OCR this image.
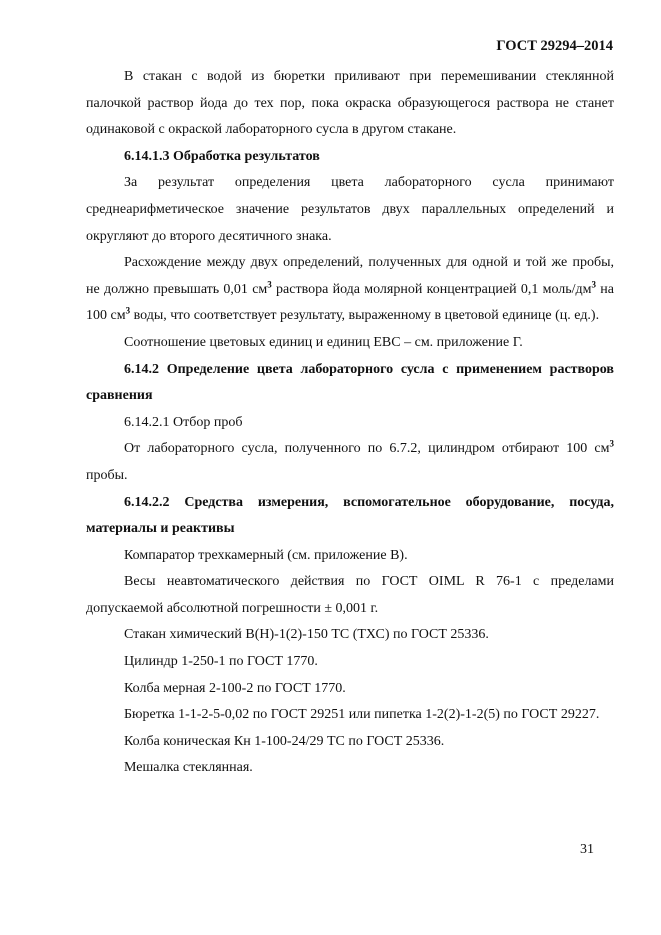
ГОСТ 29294–2014

В стакан с водой из бюретки приливают при перемешивании стеклянной палочкой раствор йода до тех пор, пока окраска образующегося раствора не станет одинаковой с окраской лабораторного сусла в другом стакане.

6.14.1.3 Обработка результатов

За результат определения цвета лабораторного сусла принимают среднеарифметическое значение результатов двух параллельных определений и округляют до второго десятичного знака.

Расхождение между двух определений, полученных для одной и той же пробы, не должно превышать 0,01 $см^3$ раствора йода молярной концентрацией 0,1 моль/$дм^3$ на 100 $см^3$ воды, что соответствует результату, выраженному в цветовой единице (ц. ед.).

Соотношение цветовых единиц и единиц ЕВС – см. приложение Г.

6.14.2 Определение цвета лабораторного сусла с применением растворов сравнения

6.14.2.1 Отбор проб

От лабораторного сусла, полученного по 6.7.2, цилиндром отбирают 100 $см^3$ пробы.

6.14.2.2 Средства измерения, вспомогательное оборудование, посуда, материалы и реактивы

Компаратор трехкамерный (см. приложение В).

Весы неавтоматического действия по ГОСТ OIML R 76-1 с пределами допускаемой абсолютной погрешности ± 0,001 г.

Стакан химический В(Н)-1(2)-150 ТС (ТХС) по ГОСТ 25336.

Цилиндр 1-250-1 по ГОСТ 1770.

Колба мерная 2-100-2 по ГОСТ 1770.

Бюретка 1-1-2-5-0,02 по ГОСТ 29251 или пипетка 1-2(2)-1-2(5) по ГОСТ 29227.

Колба коническая Кн 1-100-24/29 ТС по ГОСТ 25336.

Мешалка стеклянная.

31
